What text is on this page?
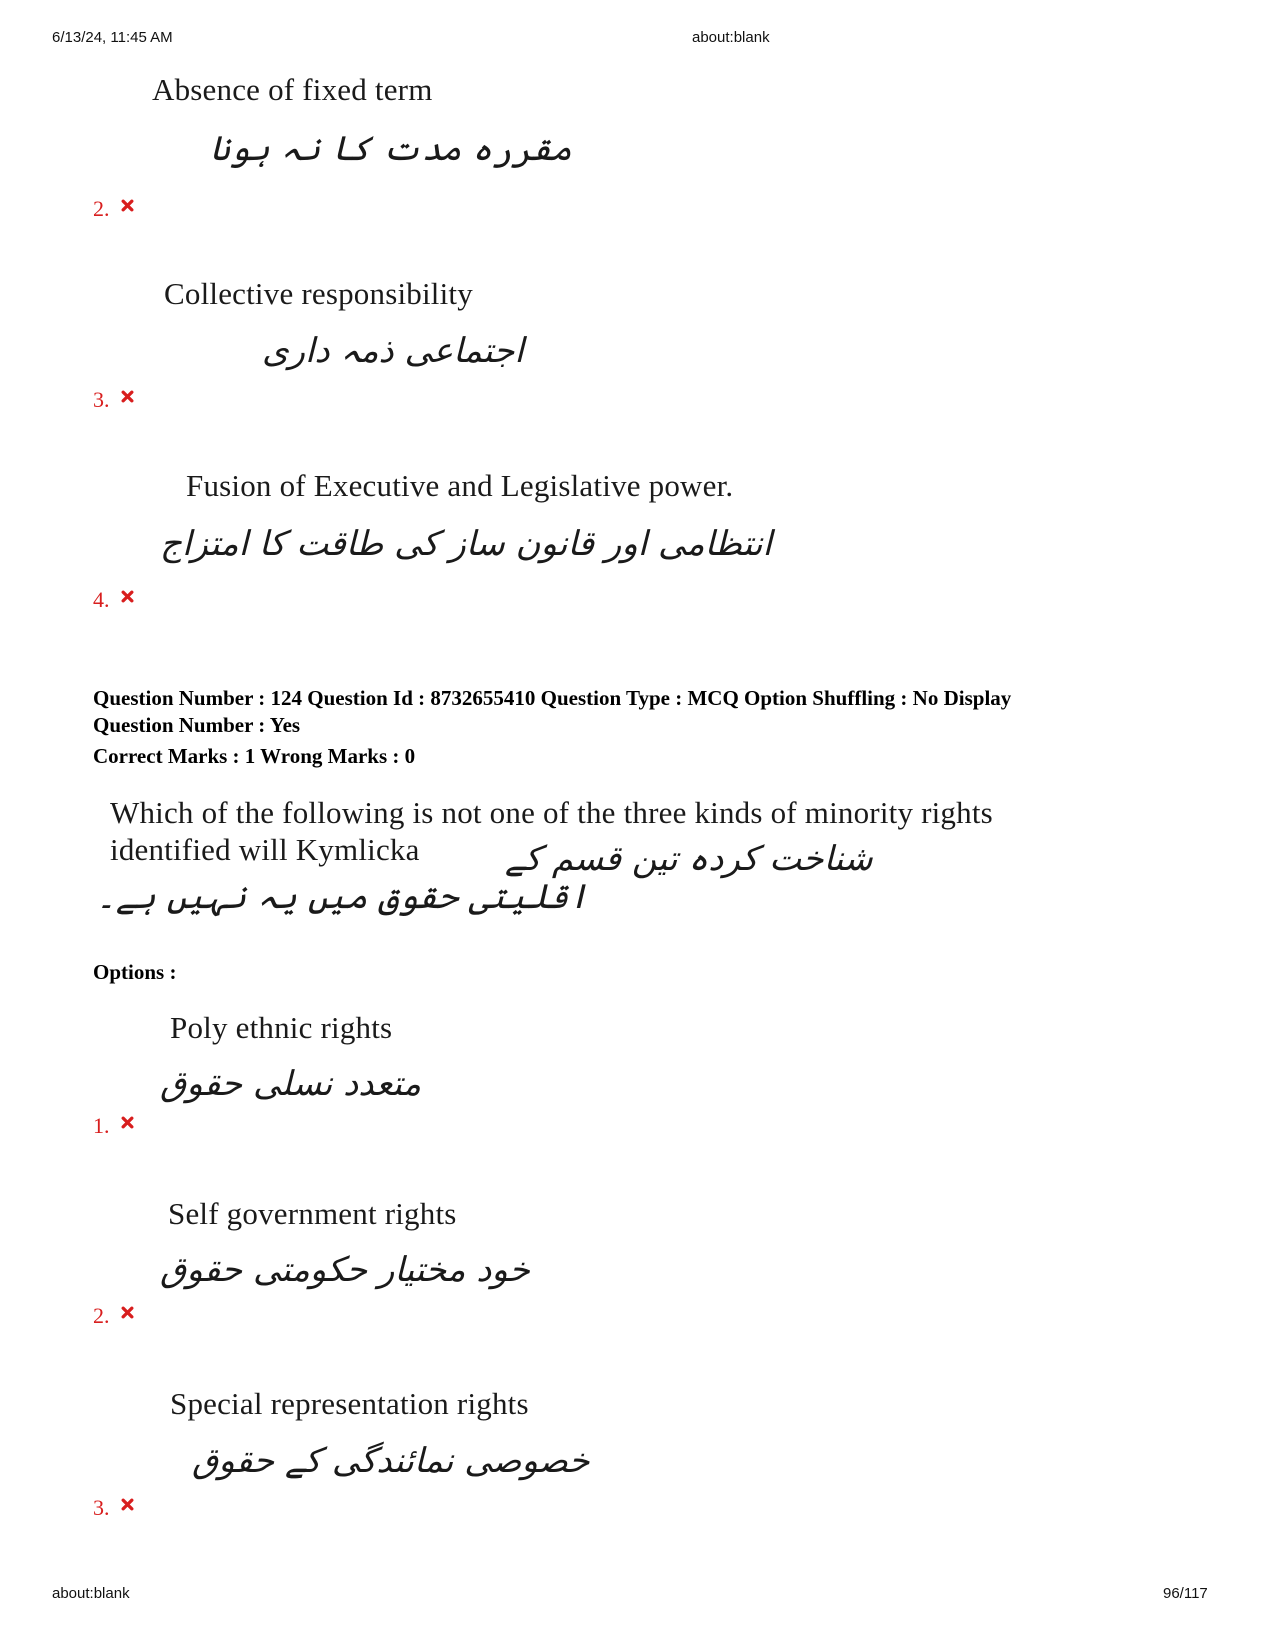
6/13/24, 11:45 AM	about:blank
Absence of fixed term
مقررہ مدت کا نہ ہونا
2.
Collective responsibility
اجتماعی ذمہ داری
3.
Fusion of Executive and Legislative power.
انتظامی اور قانون ساز کی طاقت کا امتزاج
4.
Question Number : 124 Question Id : 8732655410 Question Type : MCQ Option Shuffling : No Display
Question Number : Yes
Correct Marks : 1 Wrong Marks : 0
Which of the following is not one of the three kinds of minority rights
identified will Kymlicka	شناخت کردہ تین قسم کے
اقلیتی حقوق میں یہ نہیں ہے۔
Options :
Poly ethnic rights
متعدد نسلی حقوق
1.
Self government rights
خود مختیار حکومتی حقوق
2.
Special representation rights
خصوصی نمائندگی کے حقوق
3.
about:blank	96/117
